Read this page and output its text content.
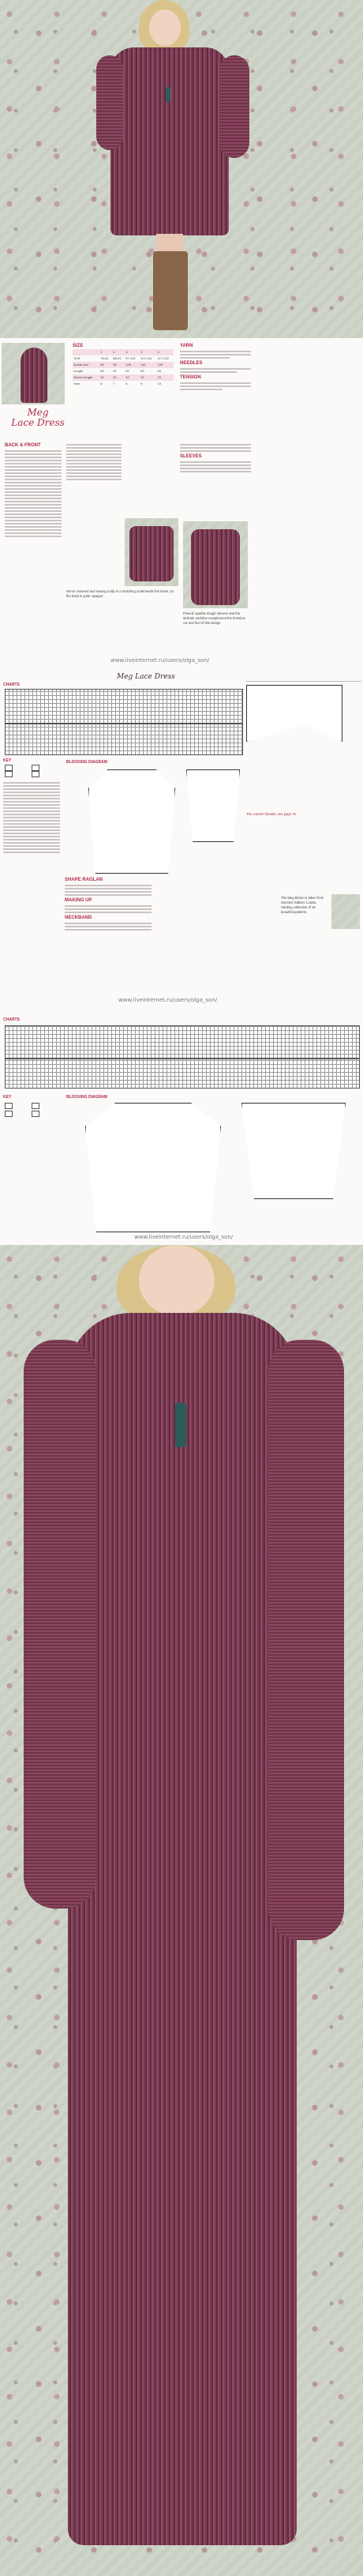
Meg
Lace Dress
SIZE
	1	2	3	4	5
To fit	76-81	86-91	97-102	107-112	117-122
Actual size	86	96	106	116	126
Length	90	91	92	93	94
Sleeve length	31	31	32	32	33
Yarn	6	7	8	9	10
YARN
NEEDLES
TENSION
BACK & FRONT
SLEEVES
Pinned: sparkle dough sleeves and the delicate neckline complement the feminine cut and feel of this design
We've crowned and sewing a slip in a matching underneath this dress, so the back is quite 'opaque'
www.liveinternet.ru/users/olga_son/
Meg Lace Dress
CHARTS
KEY	BLOCKING DIAGRAM
The counter threads, see page 75
SHAPE RAGLAN
MAKING UP
NECKBAND
The Meg Bionic is taken from Summer Edition: Louisa Harding collection of 16 beautiful patterns.
www.liveinternet.ru/users/olga_son/
CHARTS
KEY	BLOCKING DIAGRAM
www.liveinternet.ru/users/olga_son/
